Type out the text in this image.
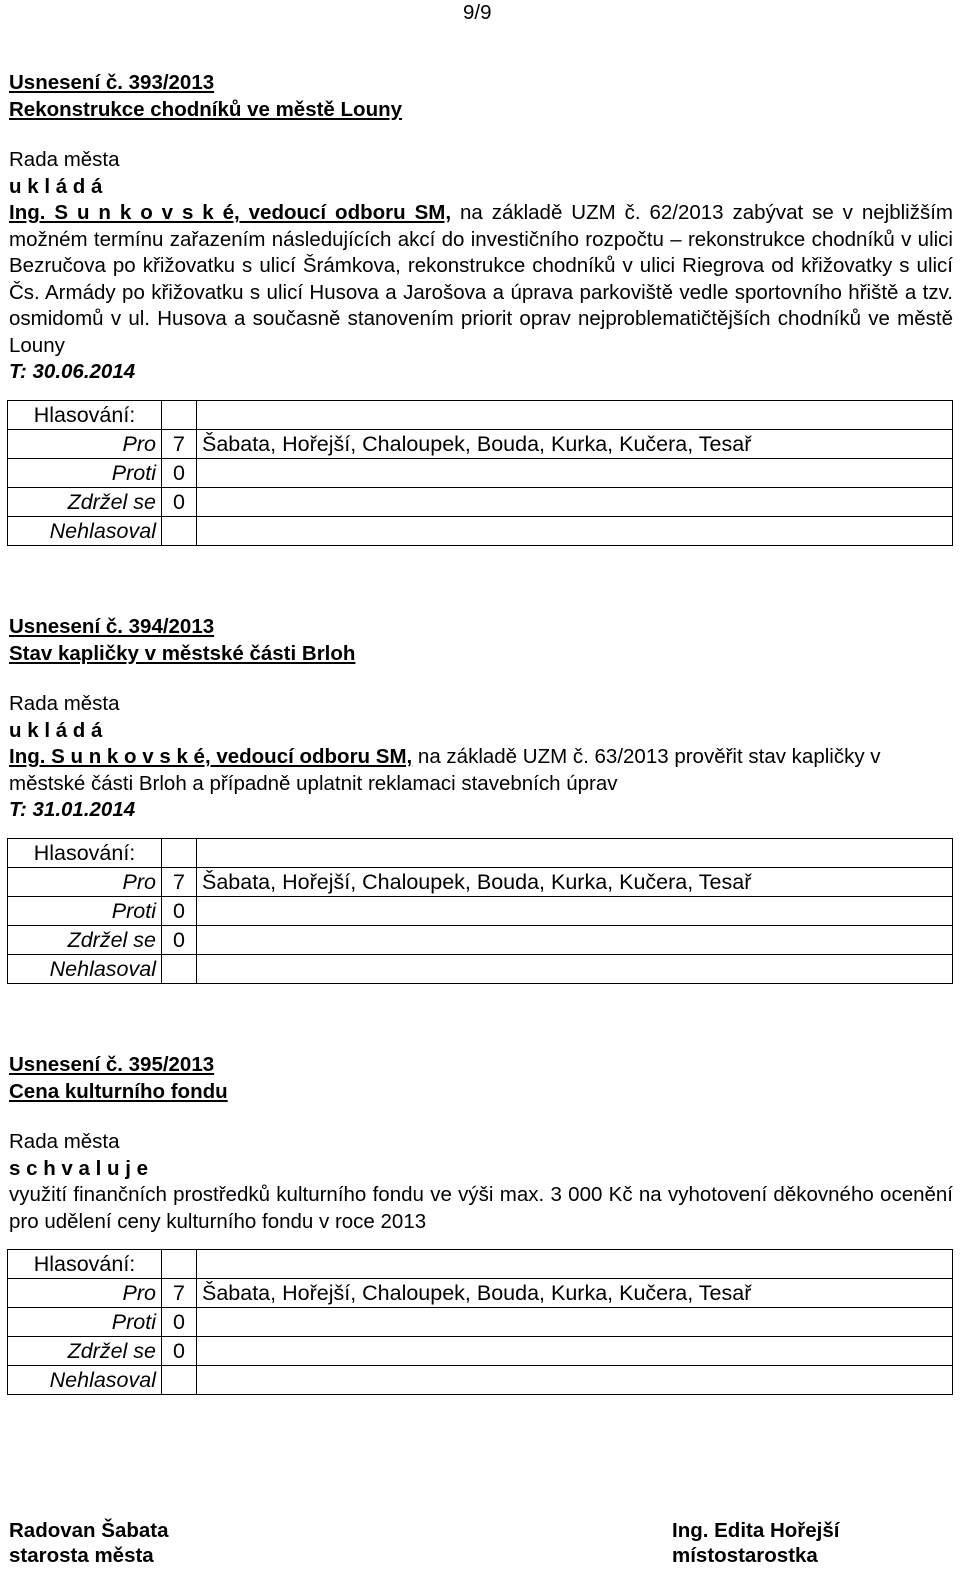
9/9
Usnesení č. 393/2013
Rekonstrukce chodníků ve městě Louny
Rada města
u k l á d á
Ing. S u n k o v s k é, vedoucí odboru SM, na základě UZM č. 62/2013 zabývat se v nejbližším možném termínu zařazením následujících akcí do investičního rozpočtu – rekonstrukce chodníků v ulici Bezručova po křižovatku s ulicí Šrámkova, rekonstrukce chodníků v ulici Riegrova od křižovatky s ulicí Čs. Armády po křižovatku s ulicí Husova a Jarošova a úprava parkoviště vedle sportovního hřiště a tzv. osmidomů v ul. Husova a současně stanovením priorit oprav nejproblematičtějších chodníků ve městě Louny
T: 30.06.2014
Hlasování:		
Pro	7	Šabata, Hořejší, Chaloupek, Bouda, Kurka, Kučera, Tesař
Proti	0	
Zdržel se	0	
Nehlasoval		
Usnesení č. 394/2013
Stav kapličky v městské části Brloh
Rada města
u k l á d á
Ing. S u n k o v s k é, vedoucí odboru SM, na základě UZM č. 63/2013 prověřit stav kapličky v městské části Brloh a případně uplatnit reklamaci stavebních úprav
T: 31.01.2014
Hlasování:		
Pro	7	Šabata, Hořejší, Chaloupek, Bouda, Kurka, Kučera, Tesař
Proti	0	
Zdržel se	0	
Nehlasoval		
Usnesení č. 395/2013
Cena kulturního fondu
Rada města
s c h v a l u j e
využití finančních prostředků kulturního fondu ve výši max. 3 000 Kč na vyhotovení děkovného ocenění pro udělení ceny kulturního fondu v roce 2013
Hlasování:		
Pro	7	Šabata, Hořejší, Chaloupek, Bouda, Kurka, Kučera, Tesař
Proti	0	
Zdržel se	0	
Nehlasoval		
Radovan Šabata
starosta města
Ing. Edita Hořejší
místostarostka
